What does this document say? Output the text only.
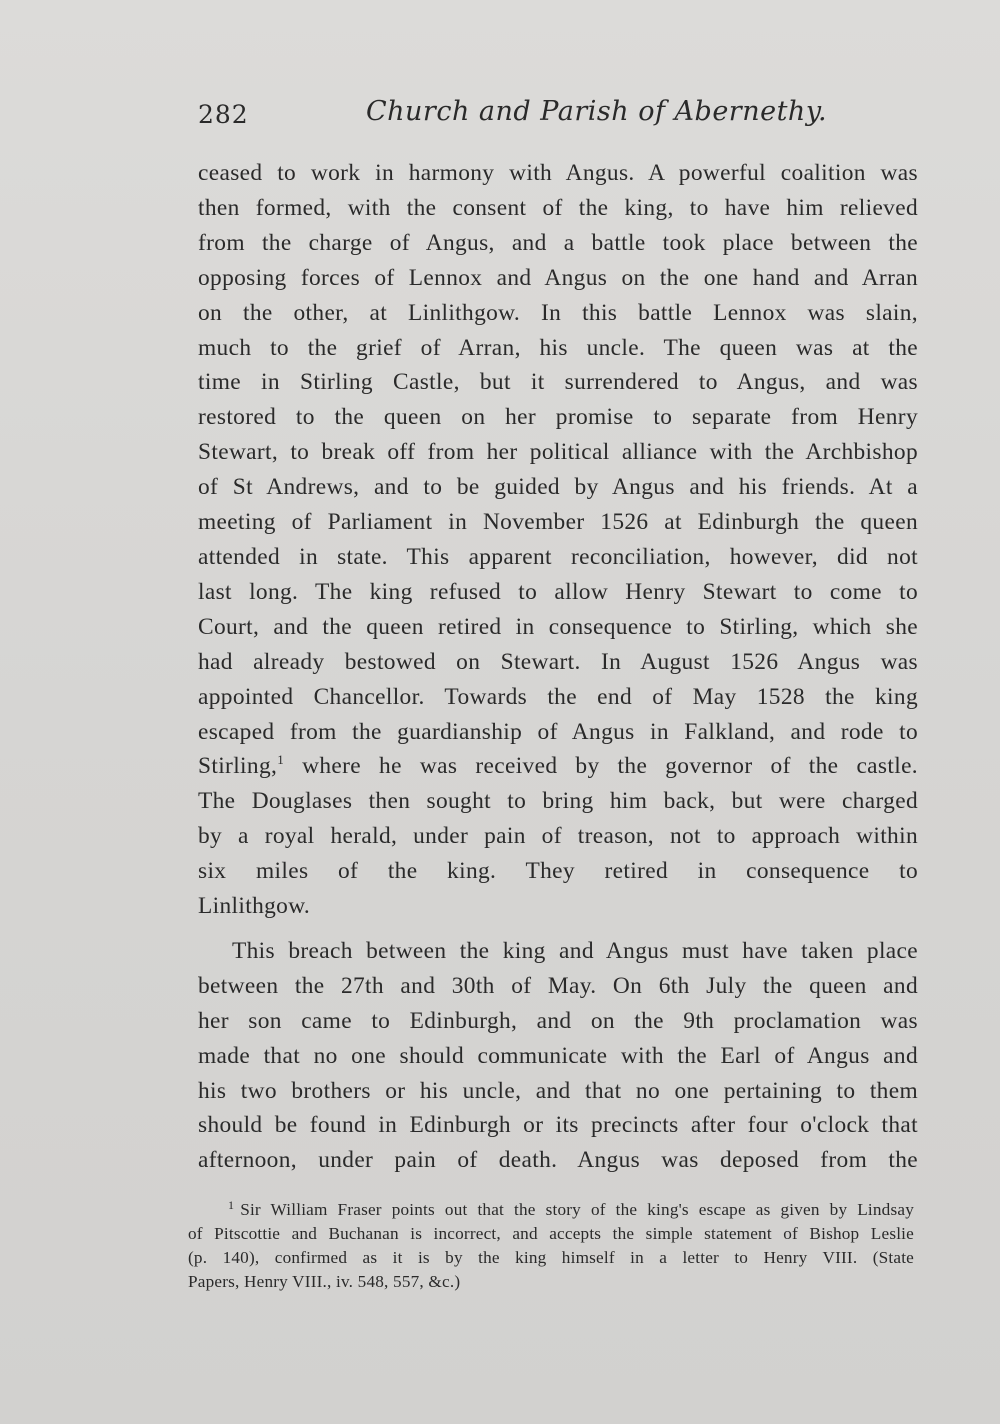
282	Church and Parish of Abernethy.
ceased to work in harmony with Angus. A powerful coalition was
then formed, with the consent of the king, to have him relieved
from the charge of Angus, and a battle took place between the
opposing forces of Lennox and Angus on the one hand and Arran
on the other, at Linlithgow. In this battle Lennox was slain,
much to the grief of Arran, his uncle. The queen was at the
time in Stirling Castle, but it surrendered to Angus, and was
restored to the queen on her promise to separate from Henry
Stewart, to break off from her political alliance with the Archbishop
of St Andrews, and to be guided by Angus and his friends. At a
meeting of Parliament in November 1526 at Edinburgh the queen
attended in state. This apparent reconciliation, however, did not
last long. The king refused to allow Henry Stewart to come to
Court, and the queen retired in consequence to Stirling, which she
had already bestowed on Stewart. In August 1526 Angus was
appointed Chancellor. Towards the end of May 1528 the king
escaped from the guardianship of Angus in Falkland, and rode to
Stirling,$^1$ where he was received by the governor of the castle.
The Douglases then sought to bring him back, but were charged
by a royal herald, under pain of treason, not to approach within
six miles of the king. They retired in consequence to
Linlithgow.
This breach between the king and Angus must have taken place
between the 27th and 30th of May. On 6th July the queen and
her son came to Edinburgh, and on the 9th proclamation was
made that no one should communicate with the Earl of Angus and
his two brothers or his uncle, and that no one pertaining to them
should be found in Edinburgh or its precincts after four o'clock that
afternoon, under pain of death. Angus was deposed from the
$^1$ Sir William Fraser points out that the story of the king's escape as given by Lindsay
of Pitscottie and Buchanan is incorrect, and accepts the simple statement of Bishop Leslie
(p. 140), confirmed as it is by the king himself in a letter to Henry VIII. (State
Papers, Henry VIII., iv. 548, 557, &c.)
